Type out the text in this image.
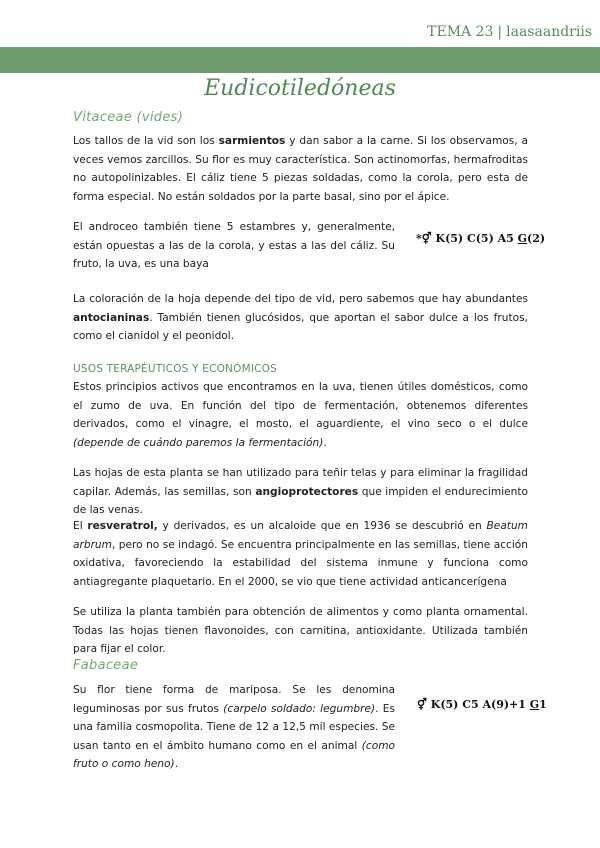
TEMA 23 | laasaandriis
Eudicotiledóneas
Vitaceae (vides)

Los tallos de la vid son los sarmientos y dan sabor a la carne. Si los observamos, a veces vemos zarcillos. Su flor es muy característica. Son actinomorfas, hermafroditas no autopolinizables. El cáliz tiene 5 piezas soldadas, como la corola, pero esta de forma especial. No están soldados por la parte basal, sino por el ápice.

El androceo también tiene 5 estambres y, generalmente, están opuestas a las de la corola, y estas a las del cáliz. Su fruto, la uva, es una baya

*⚥ K(5) C(5) A5 G(2)

La coloración de la hoja depende del tipo de vid, pero sabemos que hay abundantes antocianinas. También tienen glucósidos, que aportan el sabor dulce a los frutos, como el cianidol y el peonidol.

USOS TERAPÉUTICOS Y ECONÓMICOS

Estos principios activos que encontramos en la uva, tienen útiles domésticos, como el zumo de uva. En función del tipo de fermentación, obtenemos diferentes derivados, como el vinagre, el mosto, el aguardiente, el vino seco o el dulce (depende de cuándo paremos la fermentación).

Las hojas de esta planta se han utilizado para teñir telas y para eliminar la fragilidad capilar. Además, las semillas, son angioprotectores que impiden el endurecimiento de las venas.

El resveratrol, y derivados, es un alcaloide que en 1936 se descubrió en Beatum arbrum, pero no se indagó. Se encuentra principalmente en las semillas, tiene acción oxidativa, favoreciendo la estabilidad del sistema inmune y funciona como antiagregante plaquetario. En el 2000, se vio que tiene actividad anticancerígena

Se utiliza la planta también para obtención de alimentos y como planta ornamental. Todas las hojas tienen flavonoides, con carnitina, antioxidante. Utilizada también para fijar el color.

Fabaceae

Su flor tiene forma de mariposa. Se les denomina leguminosas por sus frutos (carpelo soldado: legumbre). Es una familia cosmopolita. Tiene de 12 a 12,5 mil especies. Se usan tanto en el ámbito humano como en el animal (como fruto o como heno).

⚥ K(5) C5 A(9)+1 G1
